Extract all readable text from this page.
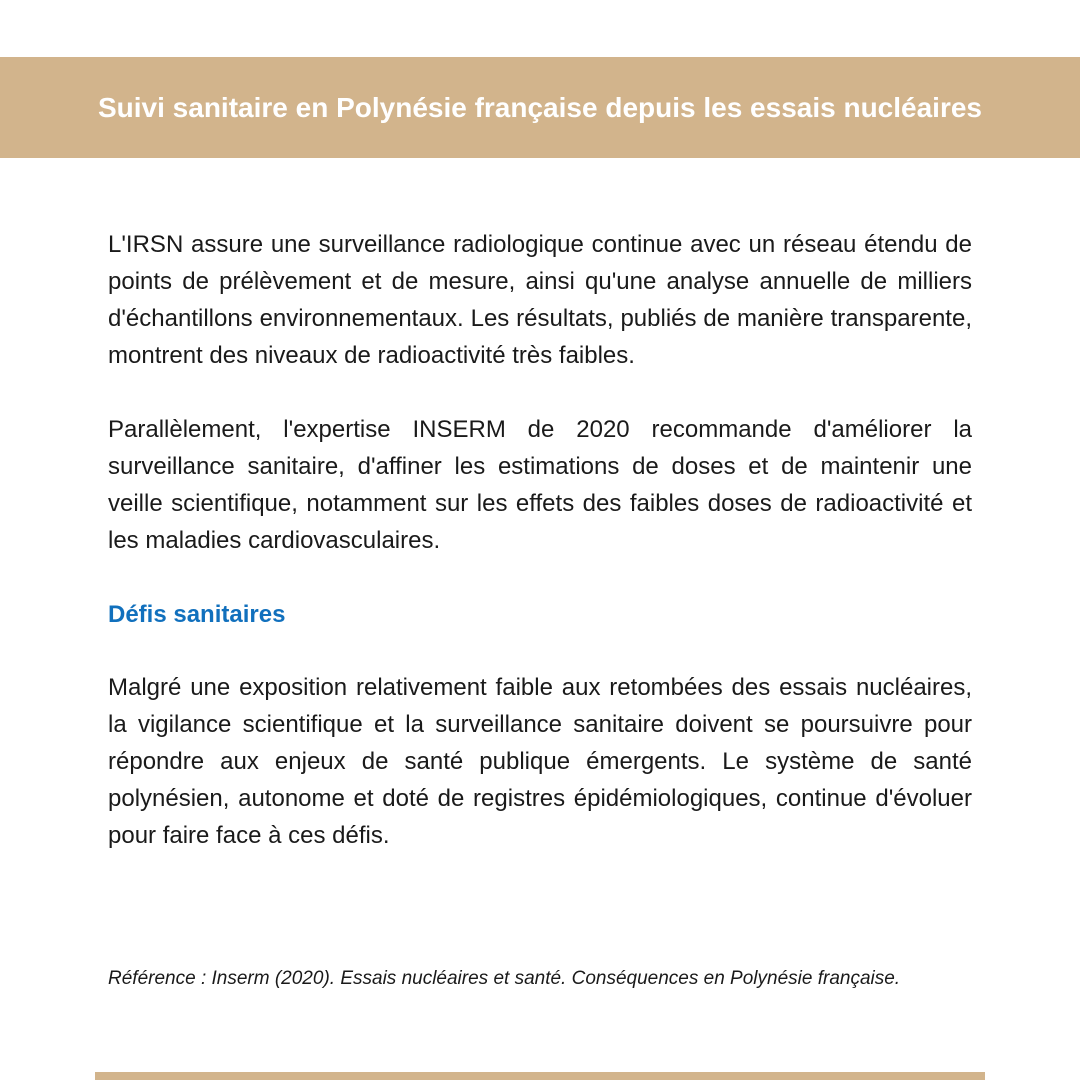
Suivi sanitaire en Polynésie française depuis les essais nucléaires

L'IRSN assure une surveillance radiologique continue avec un réseau étendu de points de prélèvement et de mesure, ainsi qu'une analyse annuelle de milliers d'échantillons environnementaux. Les résultats, publiés de manière transparente, montrent des niveaux de radioactivité très faibles.

Parallèlement, l'expertise INSERM de 2020 recommande d'améliorer la surveillance sanitaire, d'affiner les estimations de doses et de maintenir une veille scientifique, notamment sur les effets des faibles doses de radioactivité et les maladies cardiovasculaires.

Défis sanitaires

Malgré une exposition relativement faible aux retombées des essais nucléaires, la vigilance scientifique et la surveillance sanitaire doivent se poursuivre pour répondre aux enjeux de santé publique émergents. Le système de santé polynésien, autonome et doté de registres épidémiologiques, continue d'évoluer pour faire face à ces défis.

Référence : Inserm (2020). Essais nucléaires et santé. Conséquences en Polynésie française.
